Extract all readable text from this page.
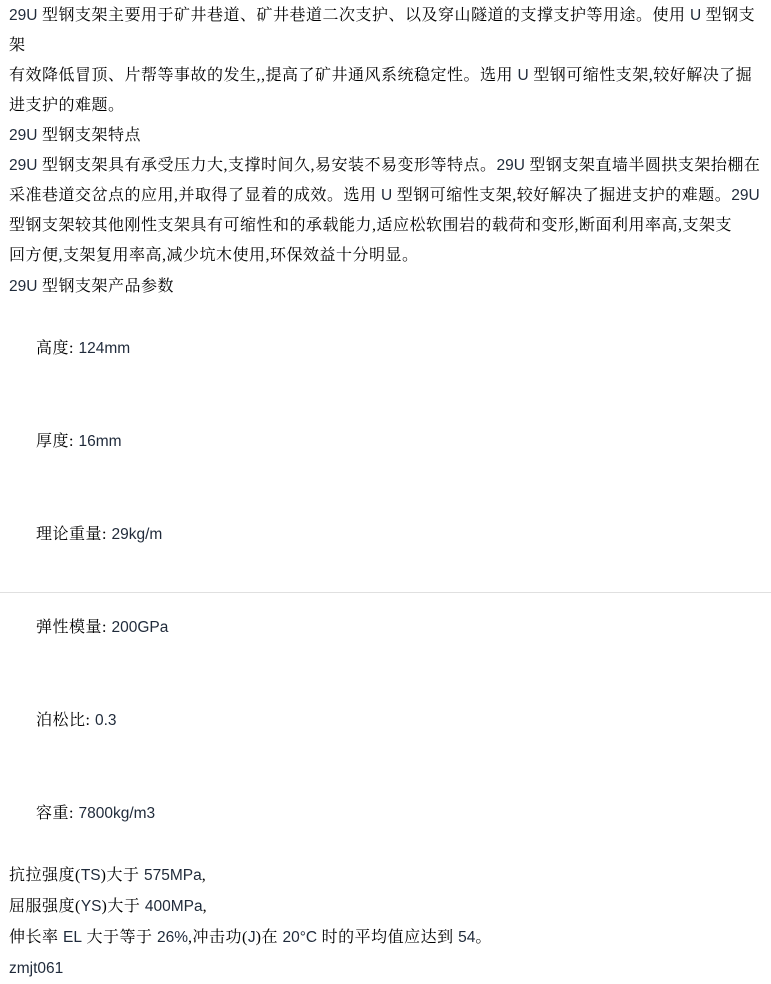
29U 型钢支架主要用于矿井巷道、矿井巷道二次支护、以及穿山隧道的支撑支护等用途。使用 U 型钢支架

有效降低冒顶、片帮等事故的发生,,提高了矿井通风系统稳定性。选用 U 型钢可缩性支架,较好解决了掘

进支护的难题。

29U 型钢支架特点

29U 型钢支架具有承受压力大,支撑时间久,易安装不易变形等特点。29U 型钢支架直墙半圆拱支架抬棚在

采准巷道交岔点的应用,并取得了显着的成效。选用 U 型钢可缩性支架,较好解决了掘进支护的难题。29U

型钢支架较其他刚性支架具有可缩性和的承载能力,适应松软围岩的载荷和变形,断面利用率高,支架支

回方便,支架复用率高,减少坑木使用,环保效益十分明显。

29U 型钢支架产品参数

高度: 124mm

厚度: 16mm

理论重量: 29kg/m

弹性模量: 200GPa

泊松比: 0.3

容重: 7800kg/m3

抗拉强度(TS)大于 575MPa,

屈服强度(YS)大于 400MPa,

伸长率 EL 大于等于 26%,冲击功(J)在 20°C 时的平均值应达到 54。

zmjt061
